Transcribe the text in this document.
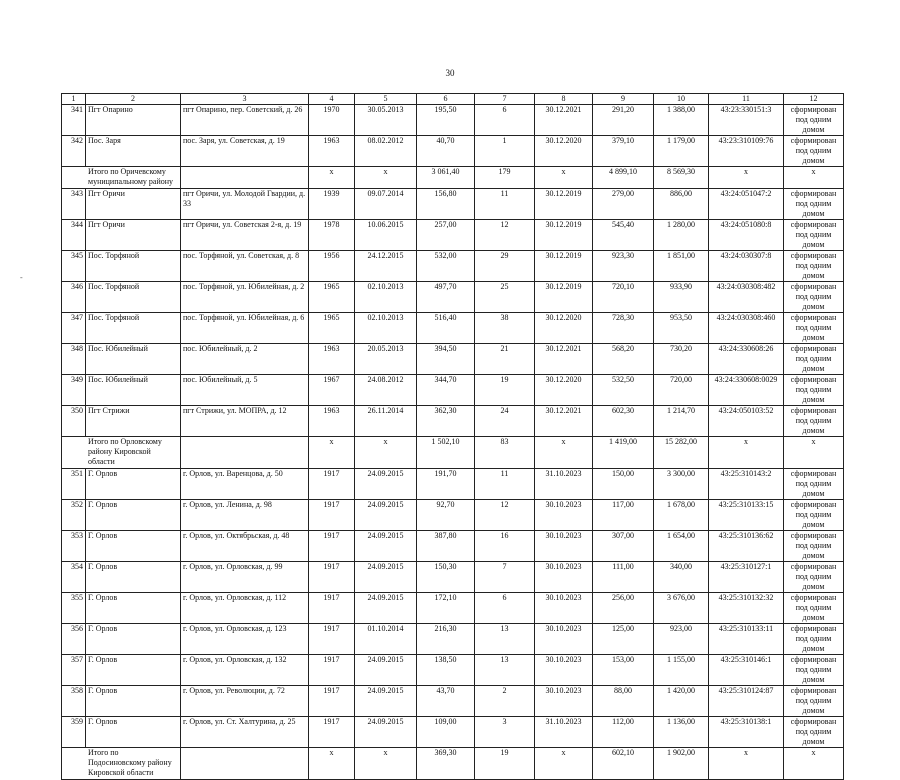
30
-
1	2	3	4	5	6	7	8	9	10	11	12
341	Пгт Опарино	пгт Опарино, пер. Советский, д. 26	1970	30.05.2013	195,50	6	30.12.2021	291,20	1 388,00	43:23:330151:3	сформирован под одним домом
342	Пос. Заря	пос. Заря, ул. Советская, д. 19	1963	08.02.2012	40,70	1	30.12.2020	379,10	1 179,00	43:23:310109:76	сформирован под одним домом
Итого по Оричевскому муниципальному району			x	x	3 061,40	179	x	4 899,10	8 569,30	x	x
343	Пгт Оричи	пгт Оричи, ул. Молодой Гвардии, д. 33	1939	09.07.2014	156,80	11	30.12.2019	279,00	886,00	43:24:051047:2	сформирован под одним домом
344	Пгт Оричи	пгт Оричи, ул. Советская 2-я, д. 19	1978	10.06.2015	257,00	12	30.12.2019	545,40	1 280,00	43:24:051080:8	сформирован под одним домом
345	Пос. Торфяной	пос. Торфяной, ул. Советская, д. 8	1956	24.12.2015	532,00	29	30.12.2019	923,30	1 851,00	43:24:030307:8	сформирован под одним домом
346	Пос. Торфяной	пос. Торфяной, ул. Юбилейная, д. 2	1965	02.10.2013	497,70	25	30.12.2019	720,10	933,90	43:24:030308:482	сформирован под одним домом
347	Пос. Торфяной	пос. Торфяной, ул. Юбилейная, д. 6	1965	02.10.2013	516,40	38	30.12.2020	728,30	953,50	43:24:030308:460	сформирован под одним домом
348	Пос. Юбилейный	пос. Юбилейный, д. 2	1963	20.05.2013	394,50	21	30.12.2021	568,20	730,20	43:24:330608:26	сформирован под одним домом
349	Пос. Юбилейный	пос. Юбилейный, д. 5	1967	24.08.2012	344,70	19	30.12.2020	532,50	720,00	43:24:330608:0029	сформирован под одним домом
350	Пгт Стрижи	пгт Стрижи, ул. МОПРА, д. 12	1963	26.11.2014	362,30	24	30.12.2021	602,30	1 214,70	43:24:050103:52	сформирован под одним домом
Итого по Орловскому району Кировской области			x	x	1 502,10	83	x	1 419,00	15 282,00	x	x
351	Г. Орлов	г. Орлов, ул. Варенцова, д. 50	1917	24.09.2015	191,70	11	31.10.2023	150,00	3 300,00	43:25:310143:2	сформирован под одним домом
352	Г. Орлов	г. Орлов, ул. Ленина, д. 98	1917	24.09.2015	92,70	12	30.10.2023	117,00	1 678,00	43:25:310133:15	сформирован под одним домом
353	Г. Орлов	г. Орлов, ул. Октябрьская, д. 48	1917	24.09.2015	387,80	16	30.10.2023	307,00	1 654,00	43:25:310136:62	сформирован под одним домом
354	Г. Орлов	г. Орлов, ул. Орловская, д. 99	1917	24.09.2015	150,30	7	30.10.2023	111,00	340,00	43:25:310127:1	сформирован под одним домом
355	Г. Орлов	г. Орлов, ул. Орловская, д. 112	1917	24.09.2015	172,10	6	30.10.2023	256,00	3 676,00	43:25:310132:32	сформирован под одним домом
356	Г. Орлов	г. Орлов, ул. Орловская, д. 123	1917	01.10.2014	216,30	13	30.10.2023	125,00	923,00	43:25:310133:11	сформирован под одним домом
357	Г. Орлов	г. Орлов, ул. Орловская, д. 132	1917	24.09.2015	138,50	13	30.10.2023	153,00	1 155,00	43:25:310146:1	сформирован под одним домом
358	Г. Орлов	г. Орлов, ул. Революции, д. 72	1917	24.09.2015	43,70	2	30.10.2023	88,00	1 420,00	43:25:310124:87	сформирован под одним домом
359	Г. Орлов	г. Орлов, ул. Ст. Халтурина, д. 25	1917	24.09.2015	109,00	3	31.10.2023	112,00	1 136,00	43:25:310138:1	сформирован под одним домом
Итого по Подосиновскому району Кировской области			x	x	369,30	19	x	602,10	1 902,00	x	x
